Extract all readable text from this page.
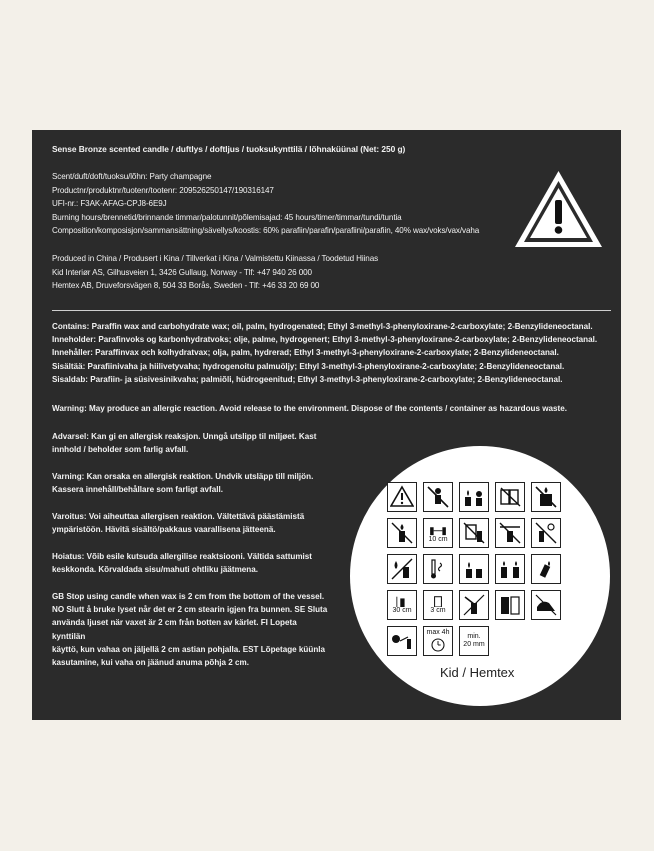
Sense Bronze scented candle / duftlys / doftljus / tuoksukynttilä / lõhnaküünal (Net: 250 g)
Scent/duft/doft/tuoksu/lõhn: Party champagne
Productnr/produktnr/tuotenr/tootenr: 209526250147/190316147
UFI-nr.: F3AK-AFAG-CPJ8-6E9J
Burning hours/brennetid/brinnande timmar/palotunnit/põlemisajad: 45 hours/timer/timmar/tundi/tuntia
Composition/komposisjon/sammansättning/sävellys/koostis: 60% parafiin/parafin/parafiini/parafiin, 40% wax/voks/vax/vaha
Produced in China / Produsert i Kina / Tillverkat i Kina / Valmistettu Kiinassa / Toodetud Hiinas
Kid Interiør AS, Gilhusveien 1, 3426 Gullaug, Norway - Tlf: +47 940 26 000
Hemtex AB, Druveforsvägen 8, 504 33 Borås, Sweden - Tlf: +46 33 20 69 00
Contains: Paraffin wax and carbohydrate wax; oil, palm, hydrogenated; Ethyl 3-methyl-3-phenyloxirane-2-carboxylate; 2-Benzylideneoctanal.
Inneholder: Parafinvoks og karbonhydratvoks; olje, palme, hydrogenert; Ethyl 3-methyl-3-phenyloxirane-2-carboxylate; 2-Benzylideneoctanal.
Innehåller: Paraffinvax och kolhydratvax; olja, palm, hydrerad; Ethyl 3-methyl-3-phenyloxirane-2-carboxylate; 2-Benzylideneoctanal.
Sisältää: Parafiinivaha ja hiilivetyvaha; hydrogenoitu palmuöljy; Ethyl 3-methyl-3-phenyloxirane-2-carboxylate; 2-Benzylideneoctanal.
Sisaldab: Parafiin- ja süsivesinikvaha; palmiõli, hüdrogeenitud; Ethyl 3-methyl-3-phenyloxirane-2-carboxylate; 2-Benzylideneoctanal.
Warning: May produce an allergic reaction. Avoid release to the environment. Dispose of the contents / container as hazardous waste.
Advarsel: Kan gi en allergisk reaksjon. Unngå utslipp til miljøet. Kast
innhold / beholder som farlig avfall.
Varning: Kan orsaka en allergisk reaktion. Undvik utsläpp till miljön.
Kassera innehåll/behållare som farligt avfall.
Varoitus: Voi aiheuttaa allergisen reaktion. Vältettävä päästämistä
ympäristöön. Hävitä sisältö/pakkaus vaarallisena jätteenä.
Hoiatus: Võib esile kutsuda allergilise reaktsiooni. Vältida sattumist
keskkonda. Kõrvaldada sisu/mahuti ohtliku jäätmena.
GB Stop using candle when wax is 2 cm from the bottom of the vessel.
NO Slutt å bruke lyset når det er 2 cm stearin igjen fra bunnen. SE Sluta
använda ljuset när vaxet är 2 cm från botten av kärlet. FI Lopeta kynttilän
käyttö, kun vahaa on jäljellä 2 cm astian pohjalla. EST Lõpetage küünla
kasutamine, kui vaha on jäänud anuma põhja 2 cm.
10 cm
30 cm	3 cm
max 4h
min.
20 mm
Kid / Hemtex
